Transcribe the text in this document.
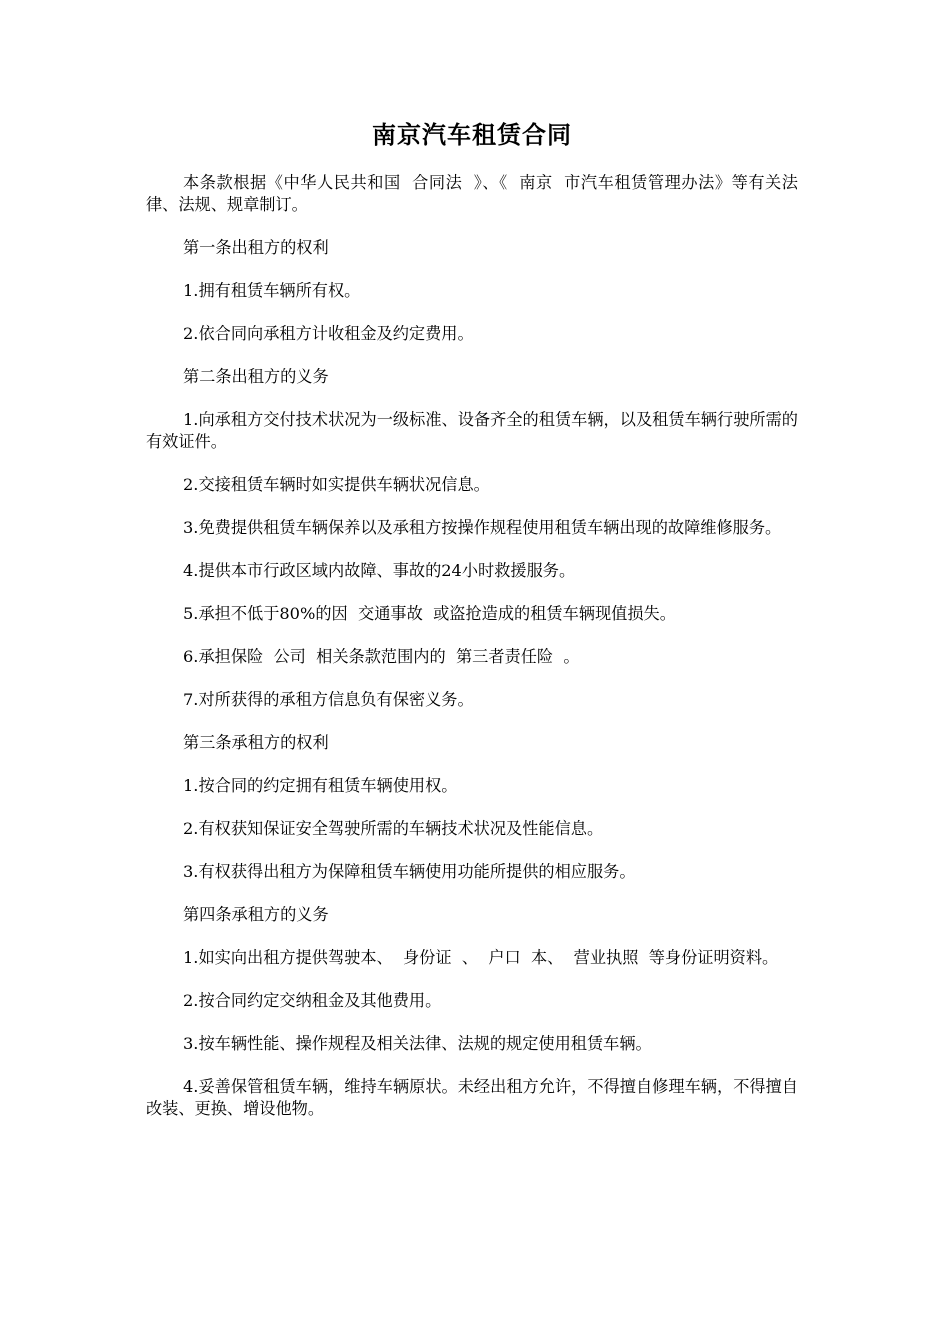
南京汽车租赁合同

本条款根据《中华人民共和国  合同法  》、《  南京  市汽车租赁管理办法》等有关法律、法规、规章制订。

第一条出租方的权利

1.拥有租赁车辆所有权。

2.依合同向承租方计收租金及约定费用。

第二条出租方的义务

1.向承租方交付技术状况为一级标准、设备齐全的租赁车辆，以及租赁车辆行驶所需的有效证件。

2.交接租赁车辆时如实提供车辆状况信息。

3.免费提供租赁车辆保养以及承租方按操作规程使用租赁车辆出现的故障维修服务。

4.提供本市行政区域内故障、事故的24小时救援服务。

5.承担不低于80%的因  交通事故  或盗抢造成的租赁车辆现值损失。

6.承担保险  公司  相关条款范围内的  第三者责任险  。

7.对所获得的承租方信息负有保密义务。

第三条承租方的权利

1.按合同的约定拥有租赁车辆使用权。

2.有权获知保证安全驾驶所需的车辆技术状况及性能信息。

3.有权获得出租方为保障租赁车辆使用功能所提供的相应服务。

第四条承租方的义务

1.如实向出租方提供驾驶本、  身份证  、  户口  本、  营业执照  等身份证明资料。

2.按合同约定交纳租金及其他费用。

3.按车辆性能、操作规程及相关法律、法规的规定使用租赁车辆。

4.妥善保管租赁车辆，维持车辆原状。未经出租方允许，不得擅自修理车辆，不得擅自改装、更换、增设他物。
